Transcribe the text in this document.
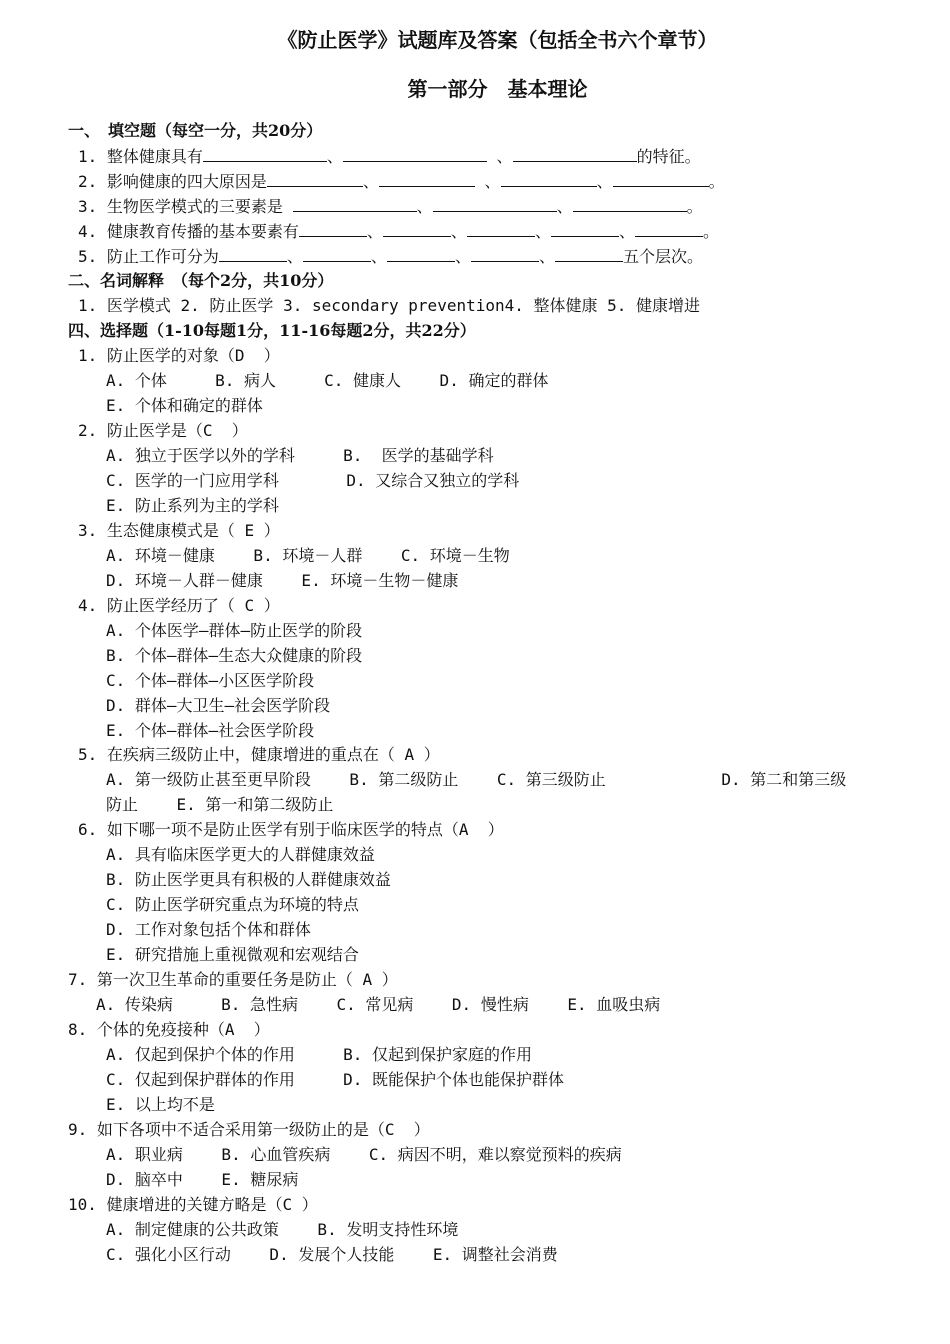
《防止医学》试题库及答案（包括全书六个章节）
第一部分　基本理论
一、　填空题（每空一分，共20分）
1. 整体健康具有	、	、	的特征。
2. 影响健康的四大原因是	、	、	、	。
3. 生物医学模式的三要素是	、	、	。
4. 健康教育传播的基本要素有	、	、	、	、	。
5. 防止工作可分为	、	、	、	、	五个层次。
二、名词解释　（每个2分，共10分）
1. 医学模式 2. 防止医学 3. secondary prevention4. 整体健康 5. 健康增进
四、选择题（1-10每题1分，11-16每题2分，共22分）
1. 防止医学的对象（D  ）
A. 个体     B. 病人     C. 健康人    D. 确定的群体
E. 个体和确定的群体
2. 防止医学是（C  ）
A. 独立于医学以外的学科     B.  医学的基础学科
C. 医学的一门应用学科       D. 又综合又独立的学科
E. 防止系列为主的学科
3. 生态健康模式是（ E ）
A. 环境－健康    B. 环境－人群    C. 环境－生物
D. 环境－人群－健康    E. 环境－生物－健康
4. 防止医学经历了（ C ）
A. 个体医学—群体—防止医学的阶段
B. 个体—群体—生态大众健康的阶段
C. 个体—群体—小区医学阶段
D. 群体—大卫生—社会医学阶段
E. 个体—群体—社会医学阶段
5. 在疾病三级防止中，健康增进的重点在（ A ）
A. 第一级防止甚至更早阶段    B. 第二级防止    C. 第三级防止            D. 第二和第三级
防止    E. 第一和第二级防止
6. 如下哪一项不是防止医学有别于临床医学的特点（A  ）
A. 具有临床医学更大的人群健康效益
B. 防止医学更具有积极的人群健康效益
C. 防止医学研究重点为环境的特点
D. 工作对象包括个体和群体
E. 研究措施上重视微观和宏观结合
7. 第一次卫生革命的重要任务是防止（ A ）
A. 传染病     B. 急性病    C. 常见病    D. 慢性病    E. 血吸虫病
8. 个体的免疫接种（A  ）
A. 仅起到保护个体的作用     B. 仅起到保护家庭的作用
C. 仅起到保护群体的作用     D. 既能保护个体也能保护群体
E. 以上均不是
9. 如下各项中不适合采用第一级防止的是（C  ）
A. 职业病    B. 心血管疾病    C. 病因不明，难以察觉预料的疾病
D. 脑卒中    E. 糖尿病
10. 健康增进的关键方略是（C ）
A. 制定健康的公共政策    B. 发明支持性环境
C. 强化小区行动    D. 发展个人技能    E. 调整社会消费
